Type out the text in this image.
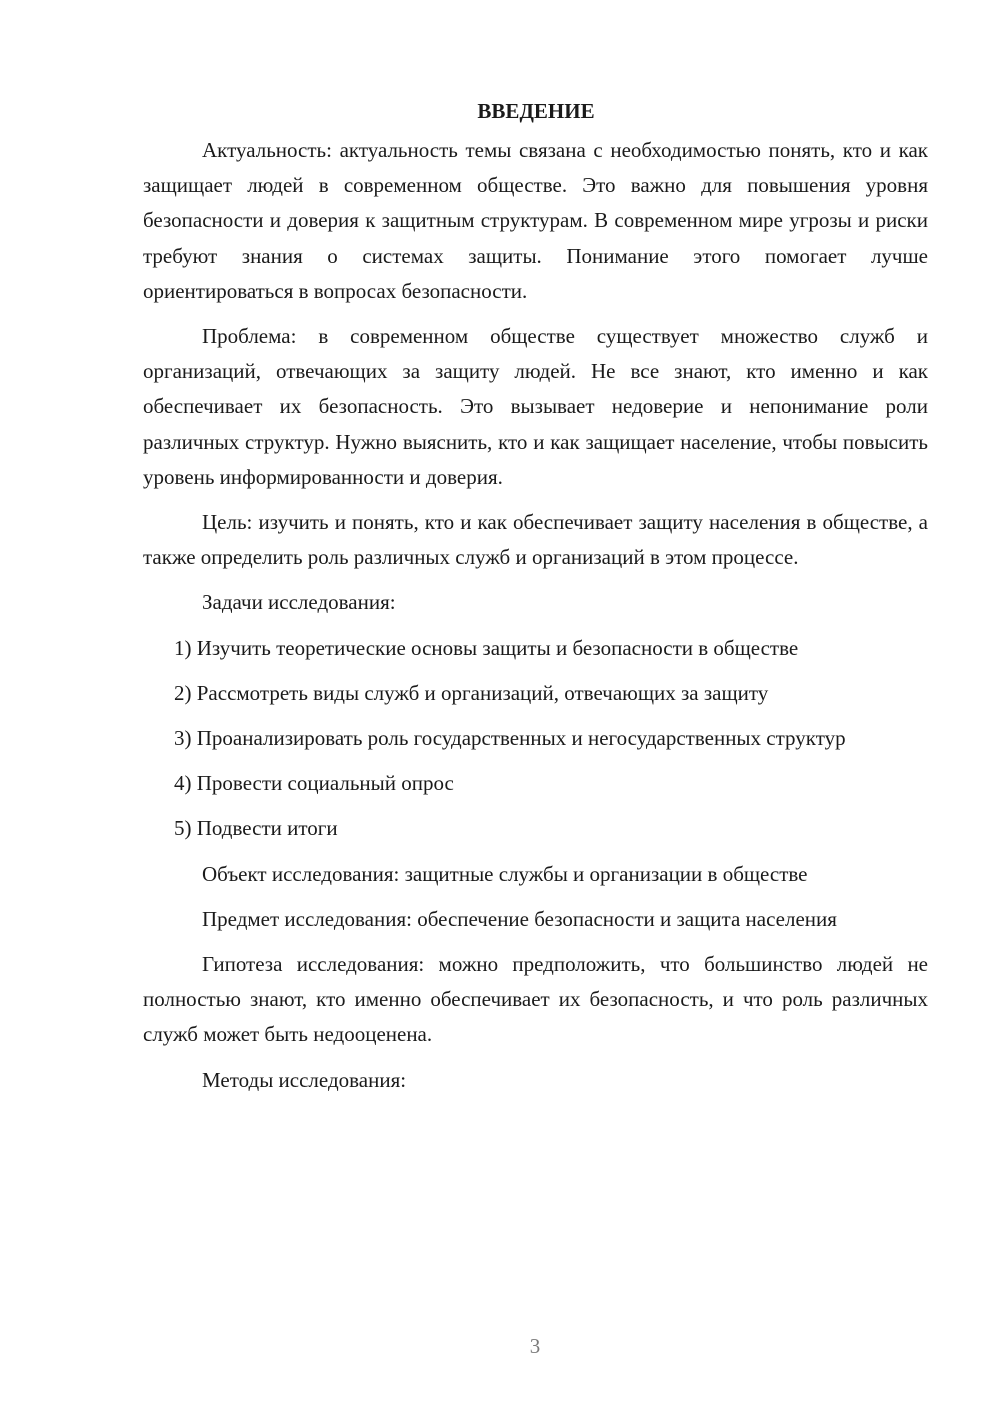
ВВЕДЕНИЕ

Актуальность: актуальность темы связана с необходимостью понять, кто и как защищает людей в современном обществе. Это важно для повышения уровня безопасности и доверия к защитным структурам. В современном мире угрозы и риски требуют знания о системах защиты. Понимание этого помогает лучше ориентироваться в вопросах безопасности.

Проблема: в современном обществе существует множество служб и организаций, отвечающих за защиту людей. Не все знают, кто именно и как обеспечивает их безопасность. Это вызывает недоверие и непонимание роли различных структур. Нужно выяснить, кто и как защищает население, чтобы повысить уровень информированности и доверия.

Цель: изучить и понять, кто и как обеспечивает защиту населения в обществе, а также определить роль различных служб и организаций в этом процессе.

Задачи исследования:

1) Изучить теоретические основы защиты и безопасности в обществе

2) Рассмотреть виды служб и организаций, отвечающих за защиту

3) Проанализировать роль государственных и негосударственных структур

4) Провести социальный опрос

5) Подвести итоги

Объект исследования: защитные службы и организации в обществе

Предмет исследования: обеспечение безопасности и защита населения

Гипотеза исследования: можно предположить, что большинство людей не полностью знают, кто именно обеспечивает их безопасность, и что роль различных служб может быть недооценена.

Методы исследования:

3
